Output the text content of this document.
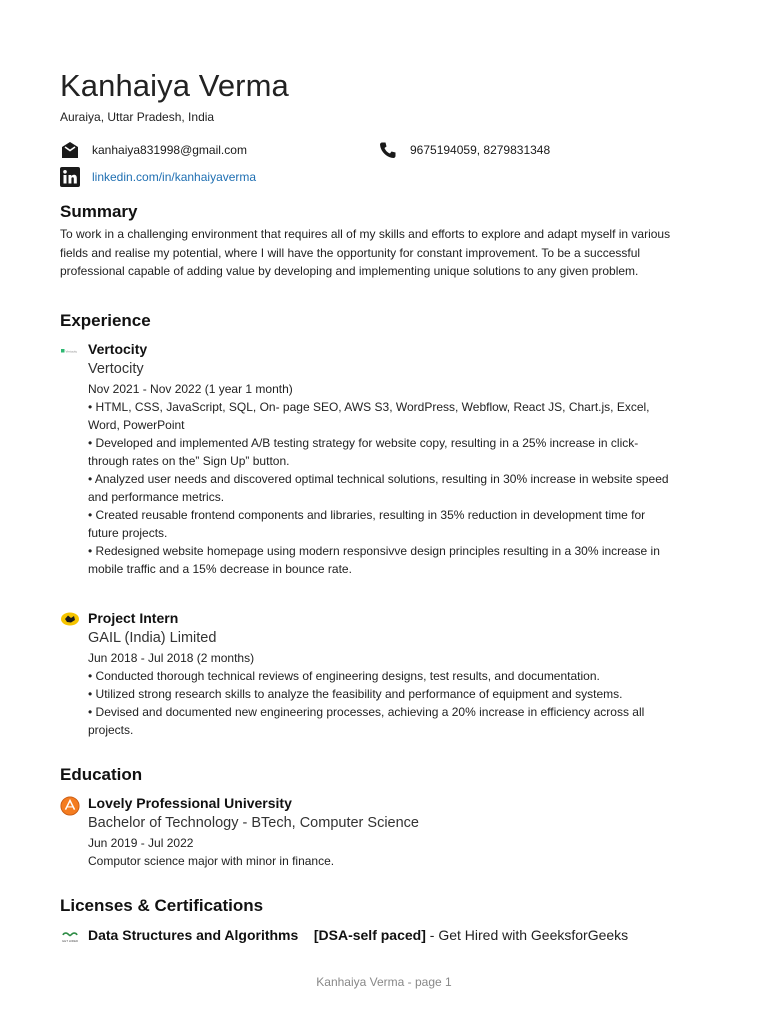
Kanhaiya Verma
Auraiya, Uttar Pradesh, India
kanhaiya831998@gmail.com	9675194059, 8279831348
linkedin.com/in/kanhaiyaverma
Summary

To work in a challenging environment that requires all of my skills and efforts to explore and adapt myself in various fields and realise my potential, where I will have the opportunity for constant improvement. To be a successful professional capable of adding value by developing and implementing unique solutions to any given problem.

Experience
Vertocity Vertocity
Vertocity
Nov 2021 - Nov 2022 (1 year 1 month)

• HTML, CSS, JavaScript, SQL, On- page SEO, AWS S3, WordPress, Webflow, React JS, Chart.js, Excel, Word, PowerPoint

• Developed and implemented A/B testing strategy for website copy, resulting in a 25% increase in click-through rates on the” Sign Up” button.

• Analyzed user needs and discovered optimal technical solutions, resulting in 30% increase in website speed and performance metrics.

• Created reusable frontend components and libraries, resulting in 35% reduction in development time for future projects.

• Redesigned website homepage using modern responsivve design principles resulting in a 30% increase in mobile traffic and a 15% decrease in bounce rate.

Project Intern
GAIL (India) Limited
Jun 2018 - Jul 2018 (2 months)

• Conducted thorough technical reviews of engineering designs, test results, and documentation.

• Utilized strong research skills to analyze the feasibility and performance of equipment and systems.

• Devised and documented new engineering processes, achieving a 20% increase in efficiency across all projects.

Education
Lovely Professional University
Bachelor of Technology - BTech, Computer Science
Jun 2019 - Jul 2022

Computor science major with minor in finance.

Licenses & Certifications
GET HIRED Data Structures and Algorithms    [DSA-self paced] - Get Hired with GeeksforGeeks
Kanhaiya Verma - page 1
